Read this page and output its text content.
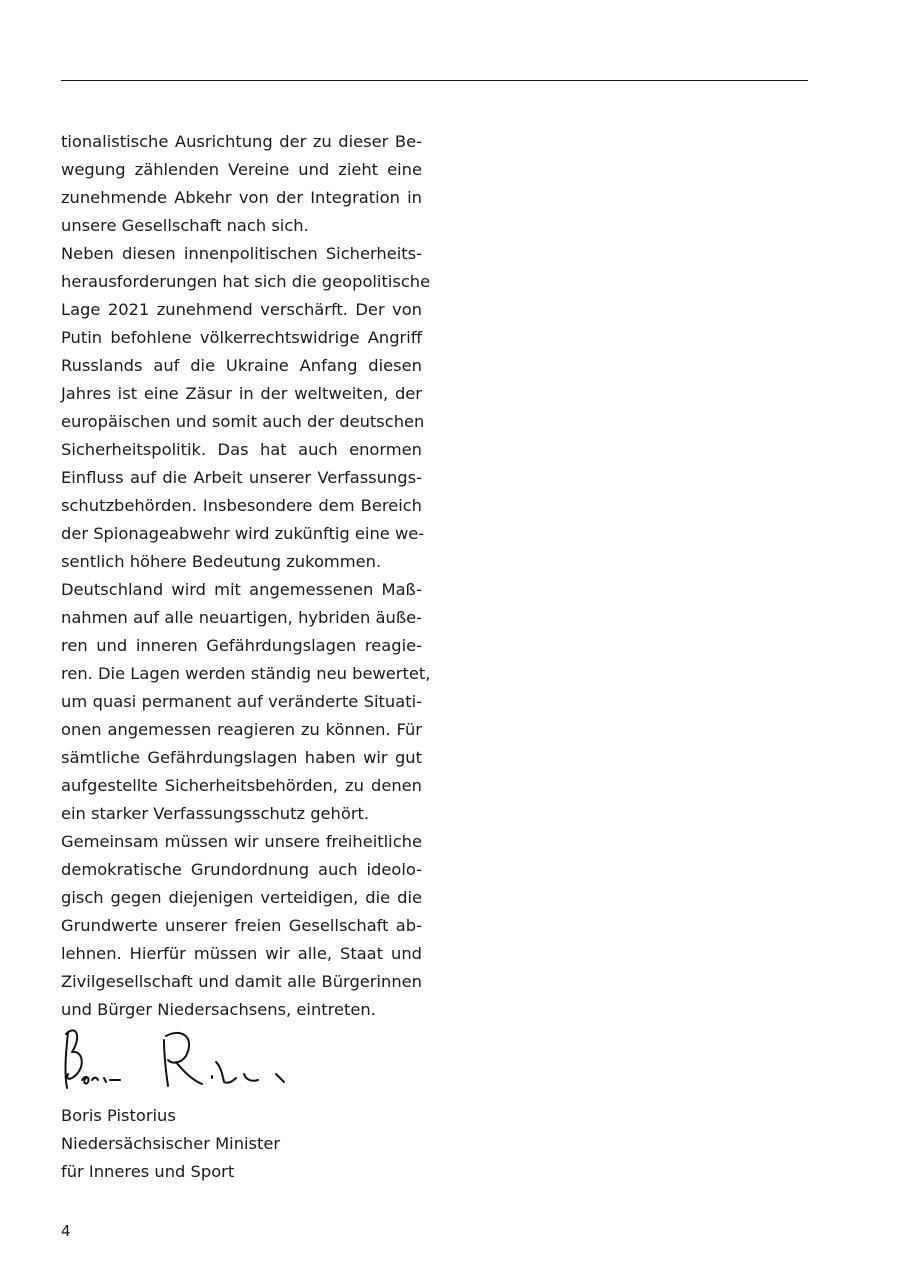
tionalistische Ausrichtung der zu dieser Be-
wegung zählenden Vereine und zieht eine
zunehmende Abkehr von der Integration in
unsere Gesellschaft nach sich.
Neben diesen innenpolitischen Sicherheits-
herausforderungen hat sich die geopolitische
Lage 2021 zunehmend verschärft. Der von
Putin befohlene völkerrechtswidrige Angriff
Russlands auf die Ukraine Anfang diesen
Jahres ist eine Zäsur in der weltweiten, der
europäischen und somit auch der deutschen
Sicherheitspolitik. Das hat auch enormen
Einfluss auf die Arbeit unserer Verfassungs-
schutzbehörden. Insbesondere dem Bereich
der Spionageabwehr wird zukünftig eine we-
sentlich höhere Bedeutung zukommen.
Deutschland wird mit angemessenen Maß-
nahmen auf alle neuartigen, hybriden äuße-
ren und inneren Gefährdungslagen reagie-
ren. Die Lagen werden ständig neu bewertet,
um quasi permanent auf veränderte Situati-
onen angemessen reagieren zu können. Für
sämtliche Gefährdungslagen haben wir gut
aufgestellte Sicherheitsbehörden, zu denen
ein starker Verfassungsschutz gehört.
Gemeinsam müssen wir unsere freiheitliche
demokratische Grundordnung auch ideolo-
gisch gegen diejenigen verteidigen, die die
Grundwerte unserer freien Gesellschaft ab-
lehnen. Hierfür müssen wir alle, Staat und
Zivilgesellschaft und damit alle Bürgerinnen
und Bürger Niedersachsens, eintreten.
Boris Pistorius
Niedersächsischer Minister
für Inneres und Sport
4
